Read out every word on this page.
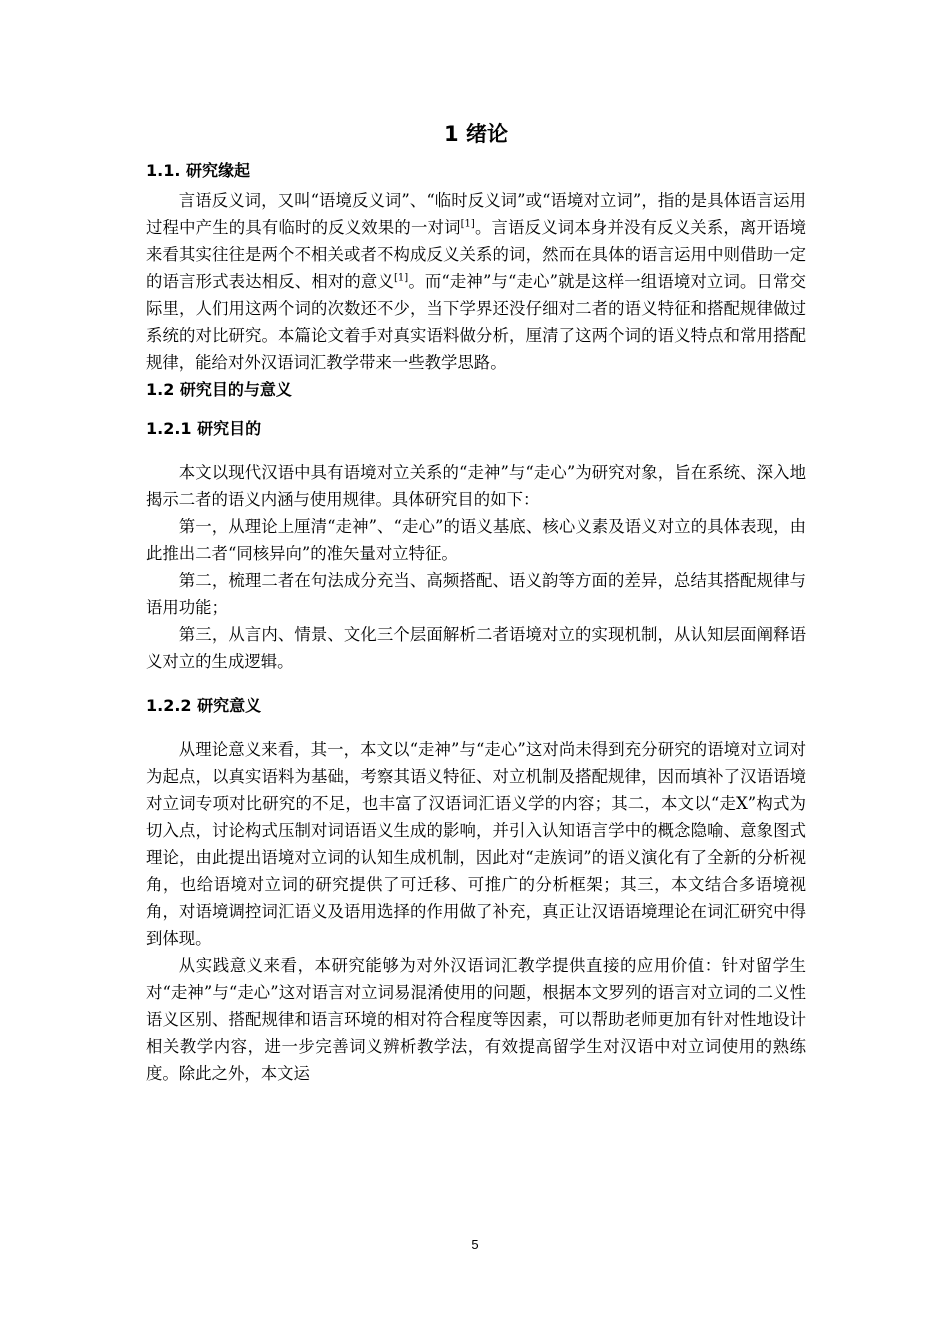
1 绪论
1.1. 研究缘起

言语反义词，又叫“语境反义词”、“临时反义词”或“语境对立词”，指的是具体语言运用过程中产生的具有临时的反义效果的一对词[1]。言语反义词本身并没有反义关系，离开语境来看其实往往是两个不相关或者不构成反义关系的词，然而在具体的语言运用中则借助一定的语言形式表达相反、相对的意义[1]。而“走神”与“走心”就是这样一组语境对立词。日常交际里，人们用这两个词的次数还不少，当下学界还没仔细对二者的语义特征和搭配规律做过系统的对比研究。本篇论文着手对真实语料做分析，厘清了这两个词的语义特点和常用搭配规律，能给对外汉语词汇教学带来一些教学思路。

1.2 研究目的与意义
1.2.1 研究目的

本文以现代汉语中具有语境对立关系的“走神”与“走心”为研究对象，旨在系统、深入地揭示二者的语义内涵与使用规律。具体研究目的如下：

第一，从理论上厘清“走神”、“走心”的语义基底、核心义素及语义对立的具体表现，由此推出二者“同核异向”的准矢量对立特征。

第二，梳理二者在句法成分充当、高频搭配、语义韵等方面的差异，总结其搭配规律与语用功能；

第三，从言内、情景、文化三个层面解析二者语境对立的实现机制，从认知层面阐释语义对立的生成逻辑。

1.2.2 研究意义

从理论意义来看，其一，本文以“走神”与“走心”这对尚未得到充分研究的语境对立词对为起点，以真实语料为基础，考察其语义特征、对立机制及搭配规律，因而填补了汉语语境对立词专项对比研究的不足，也丰富了汉语词汇语义学的内容；其二，本文以“走X”构式为切入点，讨论构式压制对词语语义生成的影响，并引入认知语言学中的概念隐喻、意象图式理论，由此提出语境对立词的认知生成机制，因此对“走族词”的语义演化有了全新的分析视角，也给语境对立词的研究提供了可迁移、可推广的分析框架；其三，本文结合多语境视角，对语境调控词汇语义及语用选择的作用做了补充，真正让汉语语境理论在词汇研究中得到体现。

从实践意义来看，本研究能够为对外汉语词汇教学提供直接的应用价值：针对留学生对“走神”与“走心”这对语言对立词易混淆使用的问题，根据本文罗列的语言对立词的二义性语义区别、搭配规律和语言环境的相对符合程度等因素，可以帮助老师更加有针对性地设计相关教学内容，进一步完善词义辨析教学法，有效提高留学生对汉语中对立词使用的熟练度。除此之外，本文运

5
